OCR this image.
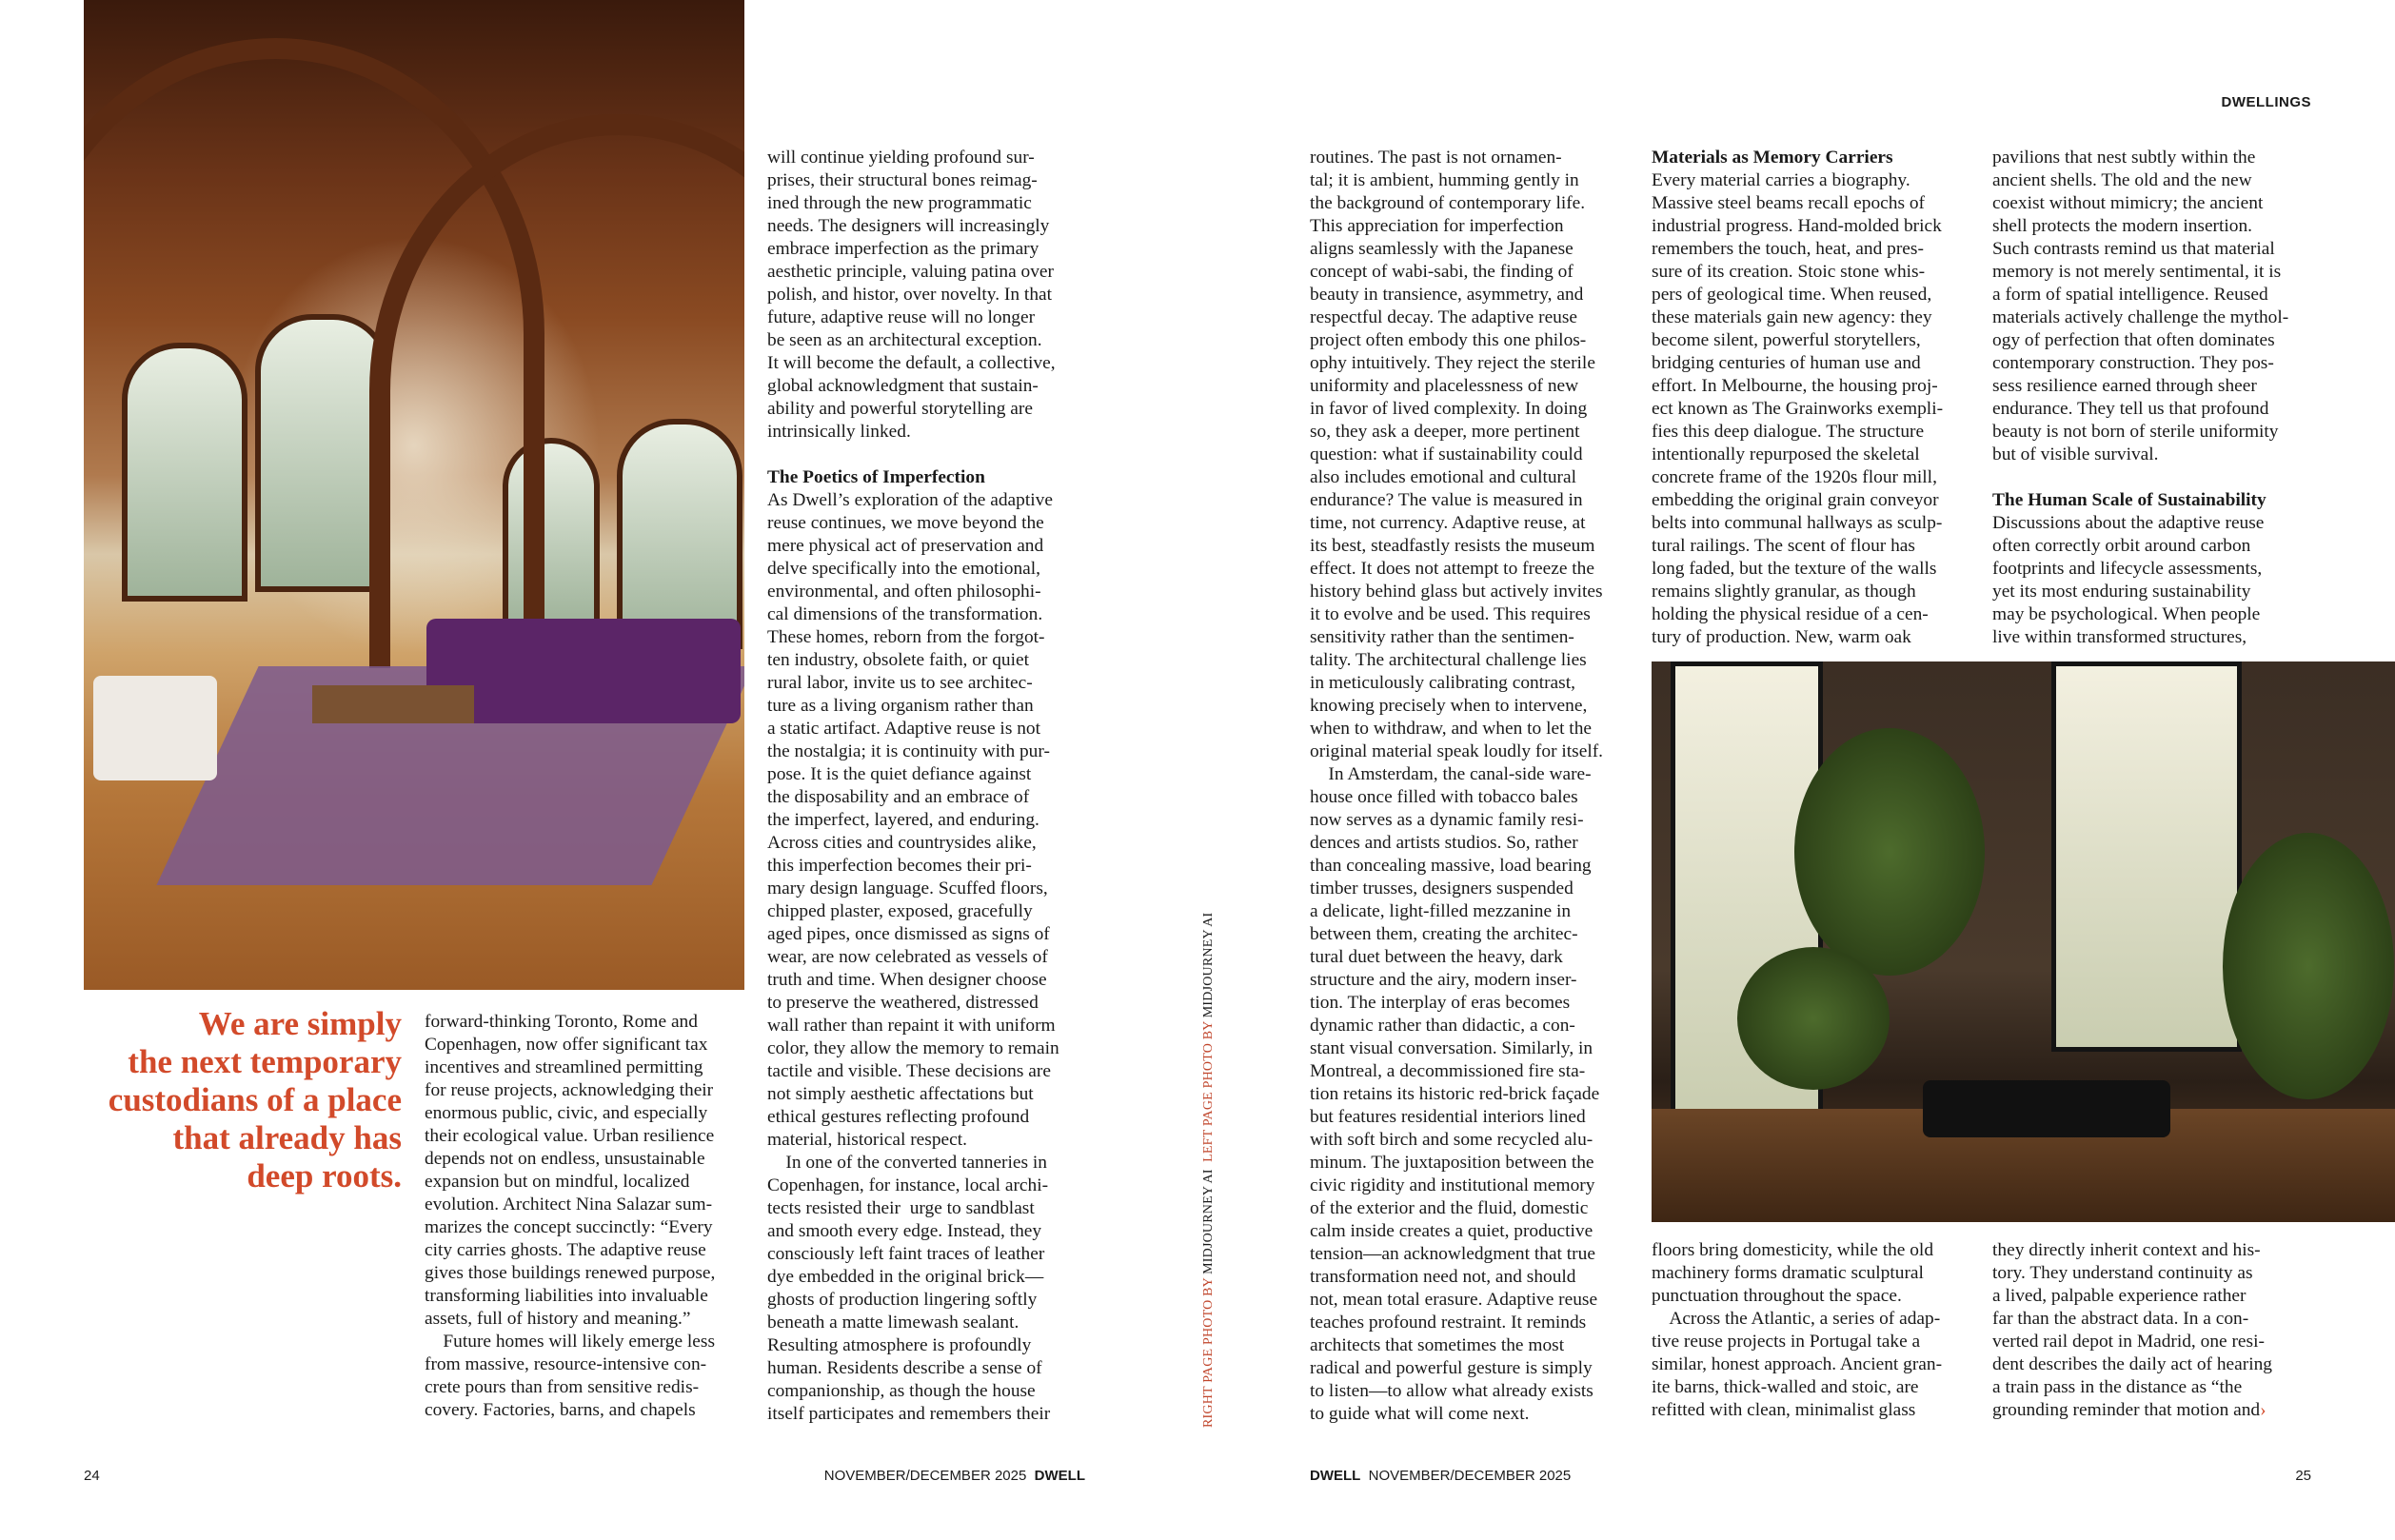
DWELLINGS
We are simply
the next temporary
custodians of a place
that already has
deep roots.
forward-thinking Toronto, Rome and
Copenhagen, now offer significant tax
incentives and streamlined permitting
for reuse projects, acknowledging their
enormous public, civic, and especially
their ecological value. Urban resilience
depends not on endless, unsustainable
expansion but on mindful, localized
evolution. Architect Nina Salazar sum-
marizes the concept succinctly: “Every
city carries ghosts. The adaptive reuse
gives those buildings renewed purpose,
transforming liabilities into invaluable
assets, full of history and meaning.”
Future homes will likely emerge less
from massive, resource-intensive con-
crete pours than from sensitive redis-
covery. Factories, barns, and chapels
will continue yielding profound sur-
prises, their structural bones reimag-
ined through the new programmatic
needs. The designers will increasingly
embrace imperfection as the primary
aesthetic principle, valuing patina over
polish, and histor, over novelty. In that
future, adaptive reuse will no longer
be seen as an architectural exception.
It will become the default, a collective,
global acknowledgment that sustain-
ability and powerful storytelling are
intrinsically linked.

The Poetics of Imperfection
As Dwell’s exploration of the adaptive
reuse continues, we move beyond the
mere physical act of preservation and
delve specifically into the emotional,
environmental, and often philosophi-
cal dimensions of the transformation.
These homes, reborn from the forgot-
ten industry, obsolete faith, or quiet
rural labor, invite us to see architec-
ture as a living organism rather than
a static artifact. Adaptive reuse is not
the nostalgia; it is continuity with pur-
pose. It is the quiet defiance against
the disposability and an embrace of
the imperfect, layered, and enduring.
Across cities and countrysides alike,
this imperfection becomes their pri-
mary design language. Scuffed floors,
chipped plaster, exposed, gracefully
aged pipes, once dismissed as signs of
wear, are now celebrated as vessels of
truth and time. When designer choose
to preserve the weathered, distressed
wall rather than repaint it with uniform
color, they allow the memory to remain
tactile and visible. These decisions are
not simply aesthetic affectations but
ethical gestures reflecting profound
material, historical respect.
In one of the converted tanneries in
Copenhagen, for instance, local archi-
tects resisted their  urge to sandblast
and smooth every edge. Instead, they
consciously left faint traces of leather
dye embedded in the original brick—
ghosts of production lingering softly
beneath a matte limewash sealant.
Resulting atmosphere is profoundly
human. Residents describe a sense of
companionship, as though the house
itself participates and remembers their
routines. The past is not ornamen-
tal; it is ambient, humming gently in
the background of contemporary life.
This appreciation for imperfection
aligns seamlessly with the Japanese
concept of wabi-sabi, the finding of
beauty in transience, asymmetry, and
respectful decay. The adaptive reuse
project often embody this one philos-
ophy intuitively. They reject the sterile
uniformity and placelessness of new
in favor of lived complexity. In doing
so, they ask a deeper, more pertinent
question: what if sustainability could
also includes emotional and cultural
endurance? The value is measured in
time, not currency. Adaptive reuse, at
its best, steadfastly resists the museum
effect. It does not attempt to freeze the
history behind glass but actively invites
it to evolve and be used. This requires
sensitivity rather than the sentimen-
tality. The architectural challenge lies
in meticulously calibrating contrast,
knowing precisely when to intervene,
when to withdraw, and when to let the
original material speak loudly for itself.
In Amsterdam, the canal-side ware-
house once filled with tobacco bales
now serves as a dynamic family resi-
dences and artists studios. So, rather
than concealing massive, load bearing
timber trusses, designers suspended
a delicate, light-filled mezzanine in
between them, creating the architec-
tural duet between the heavy, dark
structure and the airy, modern inser-
tion. The interplay of eras becomes
dynamic rather than didactic, a con-
stant visual conversation. Similarly, in
Montreal, a decommissioned fire sta-
tion retains its historic red-brick façade
but features residential interiors lined
with soft birch and some recycled alu-
minum. The juxtaposition between the
civic rigidity and institutional memory
of the exterior and the fluid, domestic
calm inside creates a quiet, productive
tension—an acknowledgment that true
transformation need not, and should
not, mean total erasure. Adaptive reuse
teaches profound restraint. It reminds
architects that sometimes the most
radical and powerful gesture is simply
to listen—to allow what already exists
to guide what will come next.
Materials as Memory Carriers
Every material carries a biography.
Massive steel beams recall epochs of
industrial progress. Hand-molded brick
remembers the touch, heat, and pres-
sure of its creation. Stoic stone whis-
pers of geological time. When reused,
these materials gain new agency: they
become silent, powerful storytellers,
bridging centuries of human use and
effort. In Melbourne, the housing proj-
ect known as The Grainworks exempli-
fies this deep dialogue. The structure
intentionally repurposed the skeletal
concrete frame of the 1920s flour mill,
embedding the original grain conveyor
belts into communal hallways as sculp-
tural railings. The scent of flour has
long faded, but the texture of the walls
remains slightly granular, as though
holding the physical residue of a cen-
tury of production. New, warm oak
floors bring domesticity, while the old
machinery forms dramatic sculptural
punctuation throughout the space.
Across the Atlantic, a series of adap-
tive reuse projects in Portugal take a
similar, honest approach. Ancient gran-
ite barns, thick-walled and stoic, are
refitted with clean, minimalist glass
pavilions that nest subtly within the
ancient shells. The old and the new
coexist without mimicry; the ancient
shell protects the modern insertion.
Such contrasts remind us that material
memory is not merely sentimental, it is
a form of spatial intelligence. Reused
materials actively challenge the mythol-
ogy of perfection that often dominates
contemporary construction. They pos-
sess resilience earned through sheer
endurance. They tell us that profound
beauty is not born of sterile uniformity
but of visible survival.

The Human Scale of Sustainability
Discussions about the adaptive reuse
often correctly orbit around carbon
footprints and lifecycle assessments,
yet its most enduring sustainability
may be psychological. When people
live within transformed structures,
they directly inherit context and his-
tory. They understand continuity as
a lived, palpable experience rather
far than the abstract data. In a con-
verted rail depot in Madrid, one resi-
dent describes the daily act of hearing
a train pass in the distance as “the
grounding reminder that motion and›
RIGHT PAGE PHOTO BY MIDJOURNEY AI  LEFT PAGE PHOTO BY MIDJOURNEY AI
24	NOVEMBER/DECEMBER 2025 DWELL	DWELL NOVEMBER/DECEMBER 2025	25
